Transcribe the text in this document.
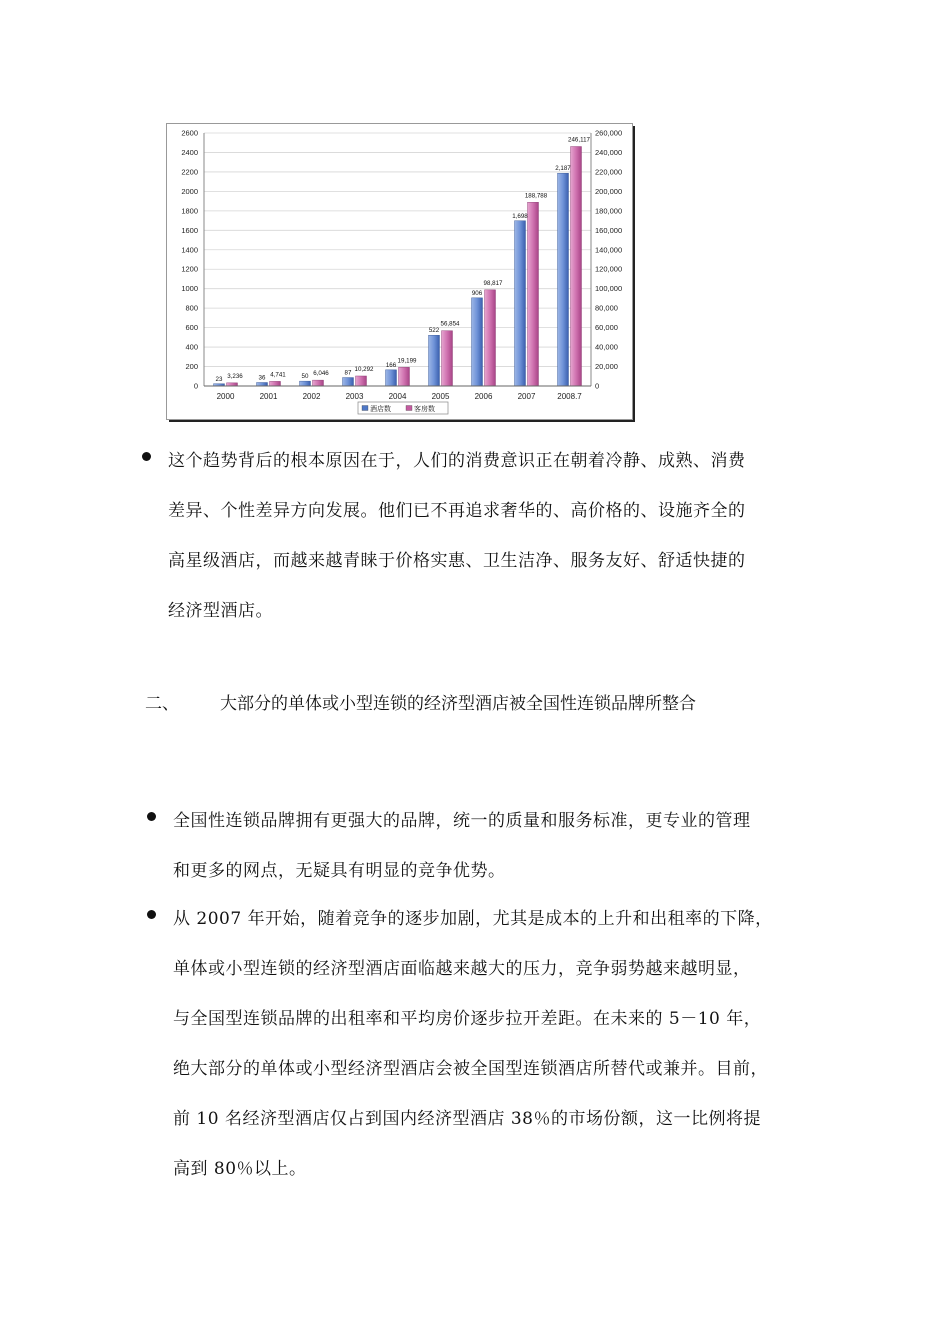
23 3,236	36 4,741	50 6,046	87
10,292
166
19,199
522
56,854
906
98,817
1,698
188,788
2,187
246,117
0	0
200	20,000
400	40,000
600	60,000
800	80,000
1000	100,000
1200	120,000
1400	140,000
1600	160,000
1800	180,000
2000	200,000
2200	220,000
2400	240,000
2600	260,000
2000	2001	2002	2003	2004	2005	2006	2007	2008.7
酒店数	客房数
这个趋势背后的根本原因在于，人们的消费意识正在朝着冷静、成熟、消费
差异、个性差异方向发展。他们已不再追求奢华的、高价格的、设施齐全的
高星级酒店，而越来越青睐于价格实惠、卫生洁净、服务友好、舒适快捷的
经济型酒店。
二、 大部分的单体或小型连锁的经济型酒店被全国性连锁品牌所整合
全国性连锁品牌拥有更强大的品牌，统一的质量和服务标准，更专业的管理
和更多的网点，无疑具有明显的竞争优势。
从 2007 年开始，随着竞争的逐步加剧，尤其是成本的上升和出租率的下降，
单体或小型连锁的经济型酒店面临越来越大的压力，竞争弱势越来越明显，
与全国型连锁品牌的出租率和平均房价逐步拉开差距。在未来的 5－10 年，
绝大部分的单体或小型经济型酒店会被全国型连锁酒店所替代或兼并。目前，
前 10 名经济型酒店仅占到国内经济型酒店 38％的市场份额，这一比例将提
高到 80％以上。
